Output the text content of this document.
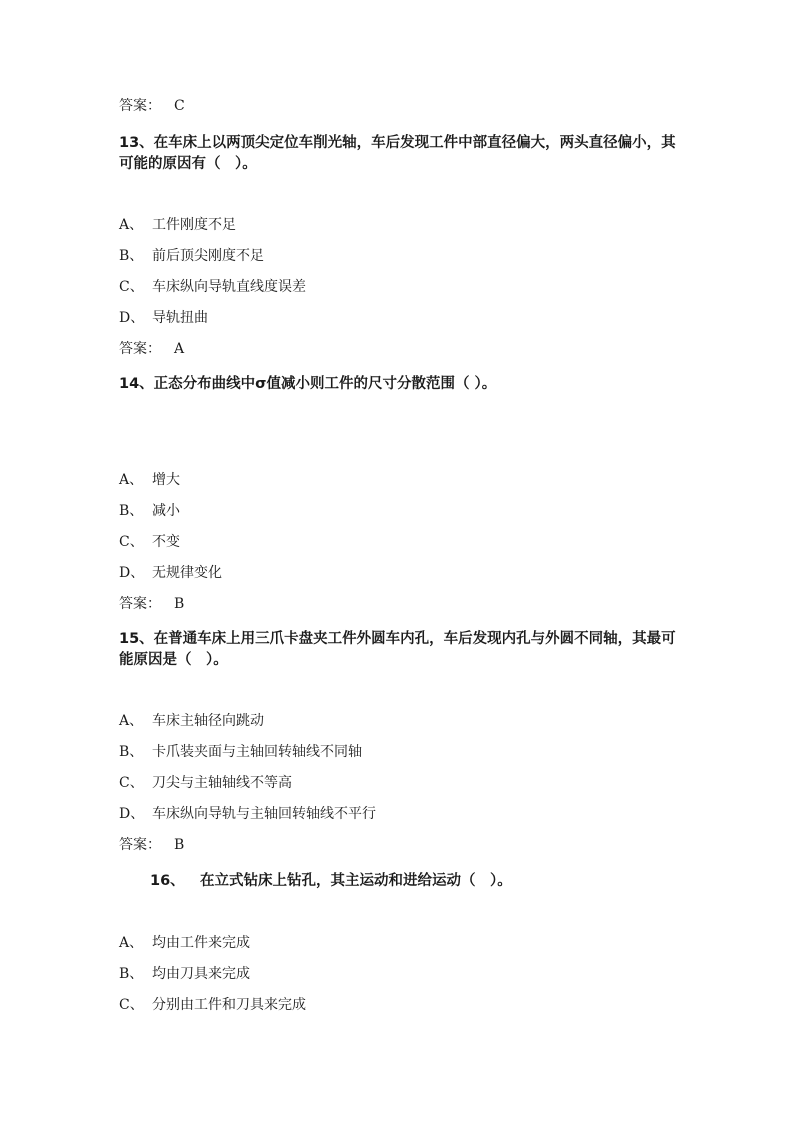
答案： C
13、在车床上以两顶尖定位车削光轴，车后发现工件中部直径偏大，两头直径偏小，其可能的原因有（　）。
A、 工件刚度不足
B、 前后顶尖刚度不足
C、 车床纵向导轨直线度误差
D、 导轨扭曲
答案： A
14、正态分布曲线中σ值减小则工件的尺寸分散范围（ ）。
A、 增大
B、 减小
C、 不变
D、 无规律变化
答案： B
15、在普通车床上用三爪卡盘夹工件外圆车内孔，车后发现内孔与外圆不同轴，其最可能原因是（　）。
A、 车床主轴径向跳动
B、 卡爪装夹面与主轴回转轴线不同轴
C、 刀尖与主轴轴线不等高
D、 车床纵向导轨与主轴回转轴线不平行
答案： B
16、 在立式钻床上钻孔，其主运动和进给运动（　）。
A、 均由工件来完成
B、 均由刀具来完成
C、 分别由工件和刀具来完成
